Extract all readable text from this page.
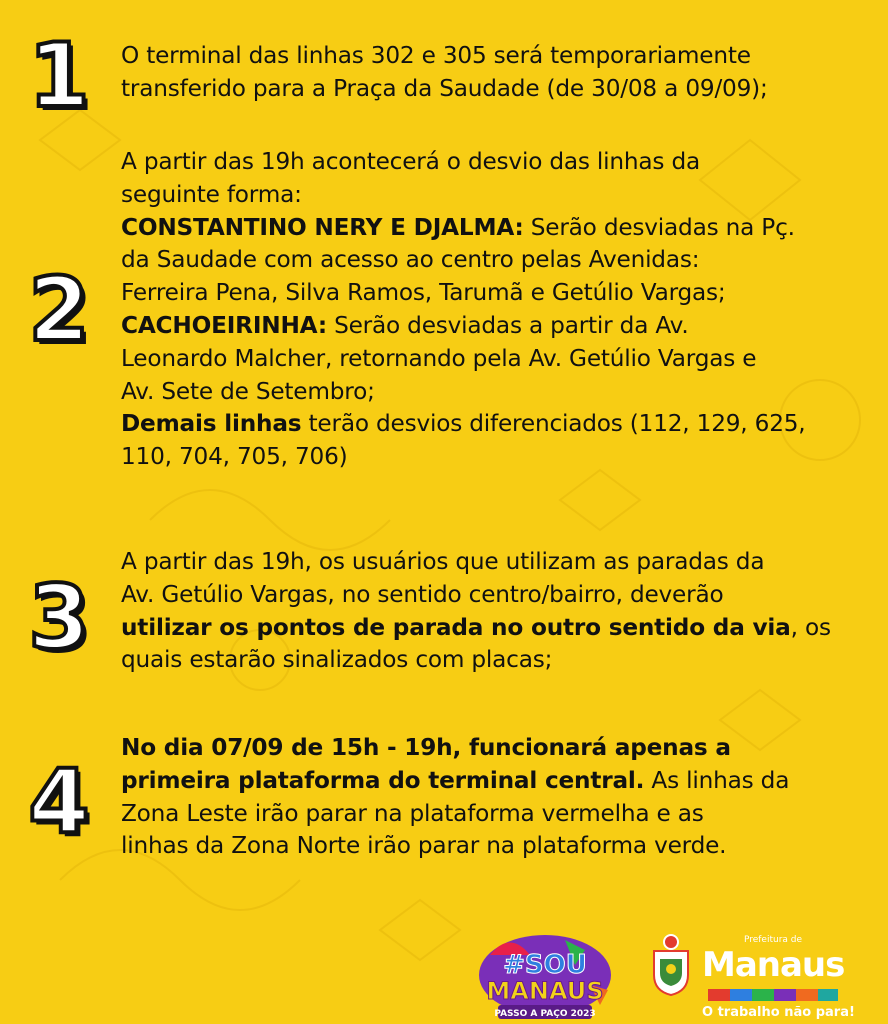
1 O terminal das linhas 302 e 305 será temporariamente

transferido para a Praça da Saudade (de 30/08 a 09/09);

2

A partir das 19h acontecerá o desvio das linhas da

seguinte forma:

CONSTANTINO NERY E DJALMA: Serão desviadas na Pç.

da Saudade com acesso ao centro pelas Avenidas:

Ferreira Pena, Silva Ramos, Tarumã e Getúlio Vargas;

CACHOEIRINHA: Serão desviadas a partir da Av.

Leonardo Malcher, retornando pela Av. Getúlio Vargas e

Av. Sete de Setembro;

Demais linhas terão desvios diferenciados (112, 129, 625,

110, 704, 705, 706)

3

A partir das 19h, os usuários que utilizam as paradas da

Av. Getúlio Vargas, no sentido centro/bairro, deverão

utilizar os pontos de parada no outro sentido da via, os

quais estarão sinalizados com placas;

4

No dia 07/09 de 15h - 19h, funcionará apenas a

primeira plataforma do terminal central. As linhas da

Zona Leste irão parar na plataforma vermelha e as

linhas da Zona Norte irão parar na plataforma verde.

#SOU
MANAUS
PASSO A PAÇO 2023
Prefeitura de
Manaus
O trabalho não para!
